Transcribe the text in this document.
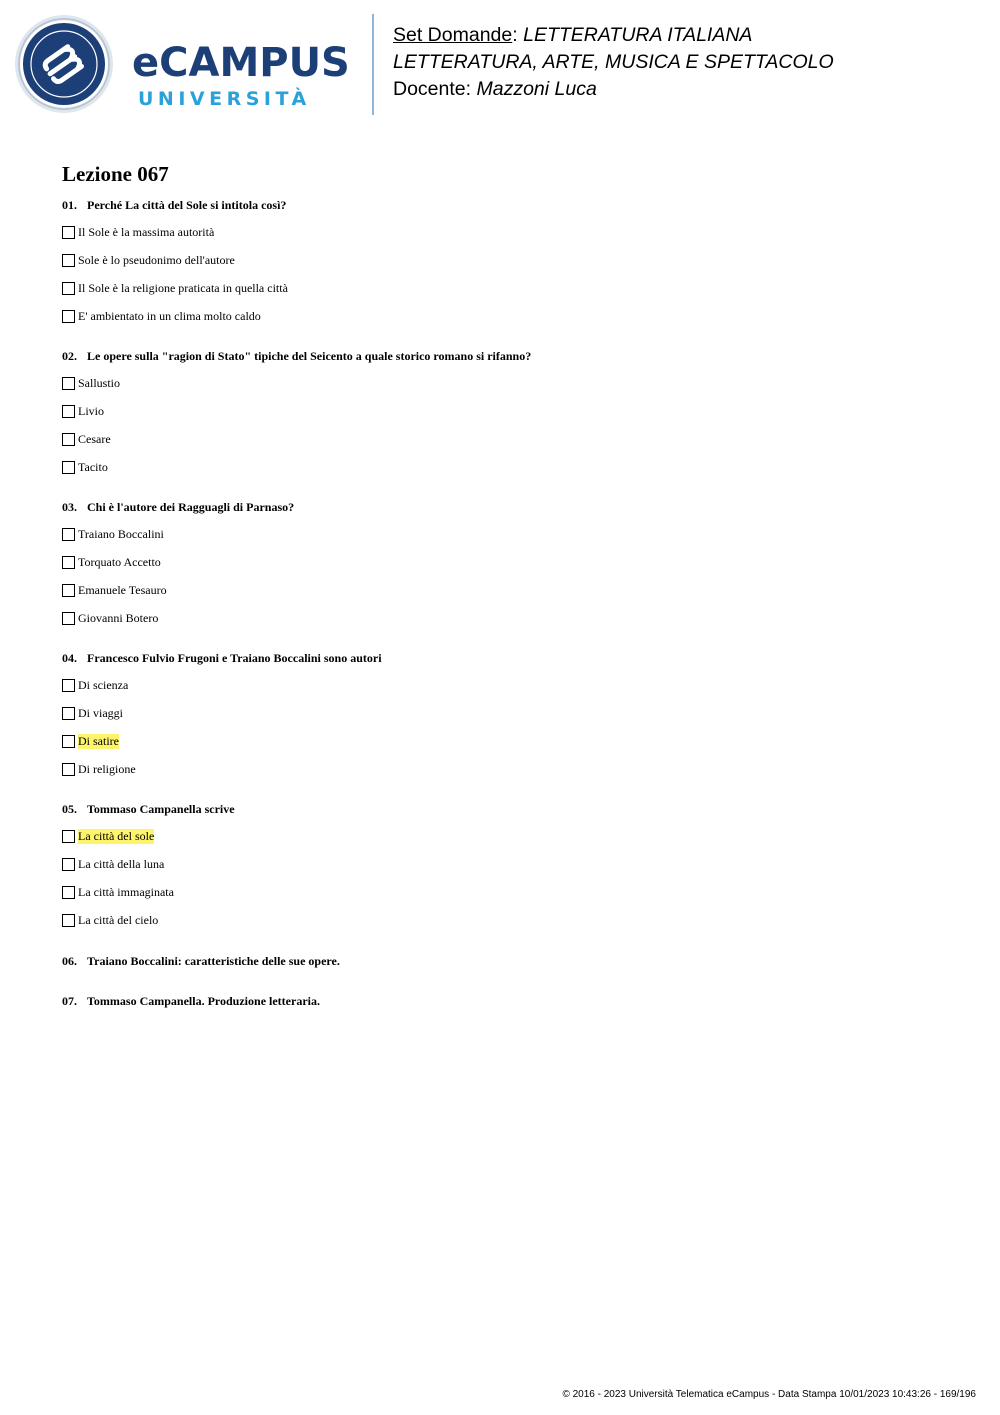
eCAMPUS
UNIVERSITÀ
Set Domande: LETTERATURA ITALIANA
LETTERATURA, ARTE, MUSICA E SPETTACOLO
Docente: Mazzoni Luca
Lezione 067
01. Perché La città del Sole si intitola così?
Il Sole è la massima autorità
Sole è lo pseudonimo dell'autore
Il Sole è la religione praticata in quella città
E' ambientato in un clima molto caldo
02. Le opere sulla "ragion di Stato" tipiche del Seicento a quale storico romano si rifanno?
Sallustio
Livio
Cesare
Tacito
03. Chi è l'autore dei Ragguagli di Parnaso?
Traiano Boccalini
Torquato Accetto
Emanuele Tesauro
Giovanni Botero
04. Francesco Fulvio Frugoni e Traiano Boccalini sono autori
Di scienza
Di viaggi
Di satire
Di religione
05. Tommaso Campanella scrive
La città del sole
La città della luna
La città immaginata
La città del cielo
06. Traiano Boccalini: caratteristiche delle sue opere.
07. Tommaso Campanella. Produzione letteraria.
© 2016 - 2023 Università Telematica eCampus - Data Stampa 10/01/2023 10:43:26 - 169/196
